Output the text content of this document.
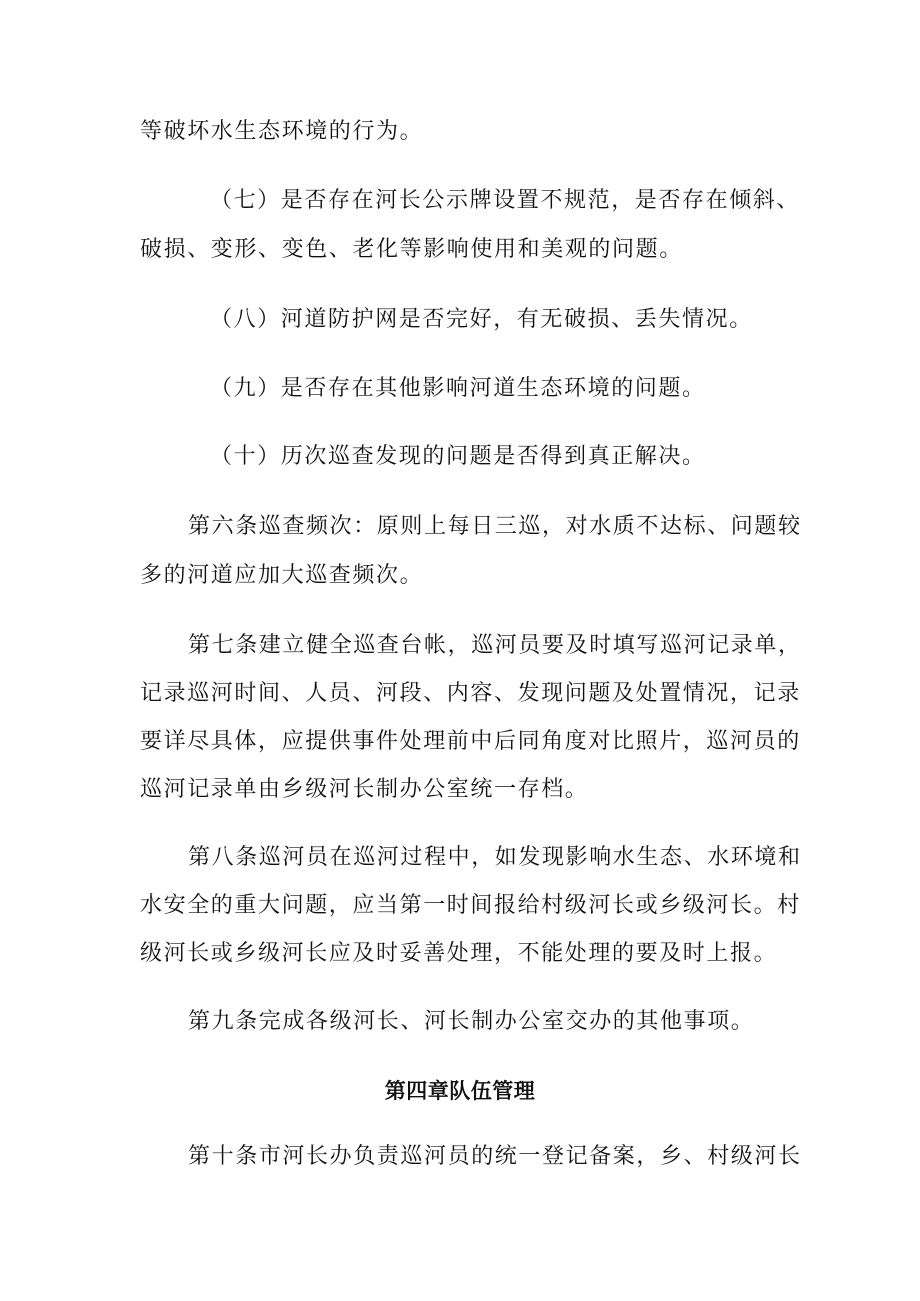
等破坏水生态环境的行为。

（七）是否存在河长公示牌设置不规范，是否存在倾斜、

破损、变形、变色、老化等影响使用和美观的问题。

（八）河道防护网是否完好，有无破损、丢失情况。

（九）是否存在其他影响河道生态环境的问题。

（十）历次巡查发现的问题是否得到真正解决。

第六条巡查频次：原则上每日三巡，对水质不达标、问题较

多的河道应加大巡查频次。

第七条建立健全巡查台帐，巡河员要及时填写巡河记录单，

记录巡河时间、人员、河段、内容、发现问题及处置情况，记录

要详尽具体，应提供事件处理前中后同角度对比照片，巡河员的

巡河记录单由乡级河长制办公室统一存档。

第八条巡河员在巡河过程中，如发现影响水生态、水环境和

水安全的重大问题，应当第一时间报给村级河长或乡级河长。村

级河长或乡级河长应及时妥善处理，不能处理的要及时上报。

第九条完成各级河长、河长制办公室交办的其他事项。

第四章队伍管理

第十条市河长办负责巡河员的统一登记备案，乡、村级河长
